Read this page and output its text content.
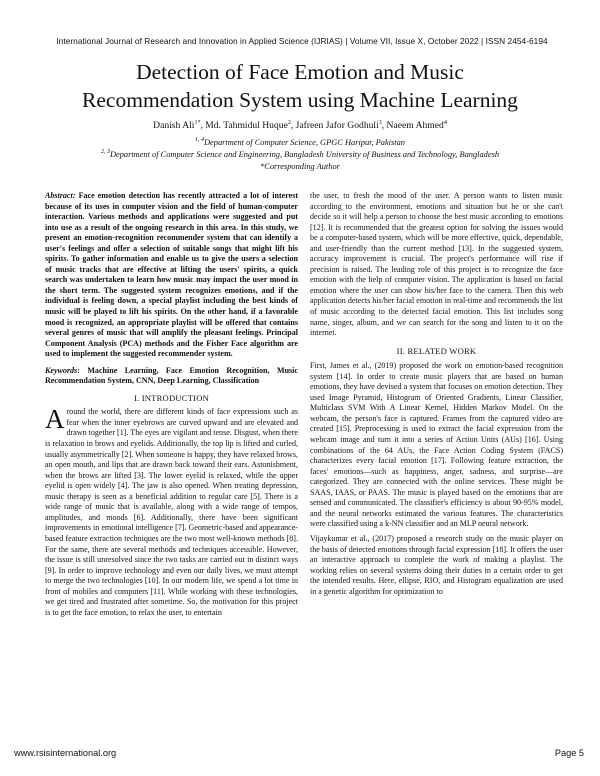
International Journal of Research and Innovation in Applied Science (IJRIAS) | Volume VII, Issue X, October 2022 | ISSN 2454-6194
Detection of Face Emotion and Music
Recommendation System using Machine Learning
Danish Ali$^{1*}$, Md. Tahmidul Huque$^2$, Jafreen Jafor Godhuli$^3$, Naeem Ahmed$^4$
$^{1, 4}$Department of Computer Science, GPGC Haripur, Pakistan
$^{2, 3}$Department of Computer Science and Engineering, Bangladesh University of Business and Technology, Bangladesh
*Corresponding Author

Abstract: Face emotion detection has recently attracted a lot of interest because of its uses in computer vision and the field of human-computer interaction. Various methods and applications were suggested and put into use as a result of the ongoing research in this area. In this study, we present an emotion-recognition recommender system that can identify a user's feelings and offer a selection of suitable songs that might lift his spirits. To gather information and enable us to give the users a selection of music tracks that are effective at lifting the users' spirits, a quick search was undertaken to learn how music may impact the user mood in the short term. The suggested system recognizes emotions, and if the individual is feeling down, a special playlist including the best kinds of music will be played to lift his spirits. On the other hand, if a favorable mood is recognized, an appropriate playlist will be offered that contains several genres of music that will amplify the pleasant feelings. Principal Component Analysis (PCA) methods and the Fisher Face algorithm are used to implement the suggested recommender system.

Keywords: Machine Learning, Face Emotion Recognition, Music Recommendation System, CNN, Deep Learning, Classification

I. INTRODUCTION

Around the world, there are different kinds of face expressions such as fear when the inner eyebrows are curved upward and are elevated and drawn together [1]. The eyes are vigilant and tense. Disgust, when there is relaxation in brows and eyelids. Additionally, the top lip is lifted and curled, usually asymmetrically [2]. When someone is happy, they have relaxed brows, an open mouth, and lips that are drawn back toward their ears. Astonishment, when the brows are lifted [3]. The lower eyelid is relaxed, while the upper eyelid is open widely [4]. The jaw is also opened. When treating depression, music therapy is seen as a beneficial addition to regular care [5]. There is a wide range of music that is available, along with a wide range of tempos, amplitudes, and moods [6]. Additionally, there have been significant improvements in emotional intelligence [7]. Geometric-based and appearance-based feature extraction techniques are the two most well-known methods [8]. For the same, there are several methods and techniques accessible. However, the issue is still unresolved since the two tasks are carried out in distinct ways [9]. In order to improve technology and even our daily lives, we must attempt to merge the two technologies [10]. In our modern life, we spend a lot time in front of mobiles and computers [11]. While working with these technologies, we get tired and frustrated after sometime. So, the motivation for this project is to get the face emotion, to relax the user, to entertain

the user, to fresh the mood of the user. A person wants to listen music according to the environment, emotions and situation but he or she can't decide so it will help a person to choose the best music according to emotions [12]. It is recommended that the greatest option for solving the issues would be a computer-based system, which will be more effective, quick, dependable, and user-friendly than the current method [13]. In the suggested system, accuracy improvement is crucial. The project's performance will rise if precision is raised. The leading role of this project is to recognize the face emotion with the help of computer vision. The application is based on facial emotion where the user can show his/her face to the camera. Then this web application detects his/her facial emotion in real-time and recommends the list of music according to the detected facial emotion. This list includes song name, singer, album, and we can search for the song and listen to it on the internet.

II. RELATED WORK

First, James et al., (2019) proposed the work on emotion-based recognition system [14]. In order to create music players that are based on human emotions, they have devised a system that focuses on emotion detection. They used Image Pyramid, Histogram of Oriented Gradients, Linear Classifier, Multiclass SVM With A Linear Kernel, Hidden Markov Model. On the webcam, the person's face is captured. Frames from the captured video are created [15]. Preprocessing is used to extract the facial expression from the webcam image and turn it into a series of Action Units (AUs) [16]. Using combinations of the 64 AUs, the Face Action Coding System (FACS) characterizes every facial emotion [17]. Following feature extraction, the faces' emotions—such as happiness, anger, sadness, and surprise—are categorized. They are connected with the online services. These might be SAAS, IAAS, or PAAS. The music is played based on the emotions that are sensed and communicated. The classifier's efficiency is about 90-95% model, and the neural networks estimated the various features. The characteristics were classified using a k-NN classifier and an MLP neural network.

Vijaykumar et al., (2017) proposed a research study on the music player on the basis of detected emotions through facial expression [18]. It offers the user an interactive approach to complete the work of making a playlist. The working relies on several systems doing their duties in a certain order to get the intended results. Here, ellipse, RIO, and Histogram equalization are used in a genetic algorithm for optimization to

www.rsisinternational.org	Page 5
